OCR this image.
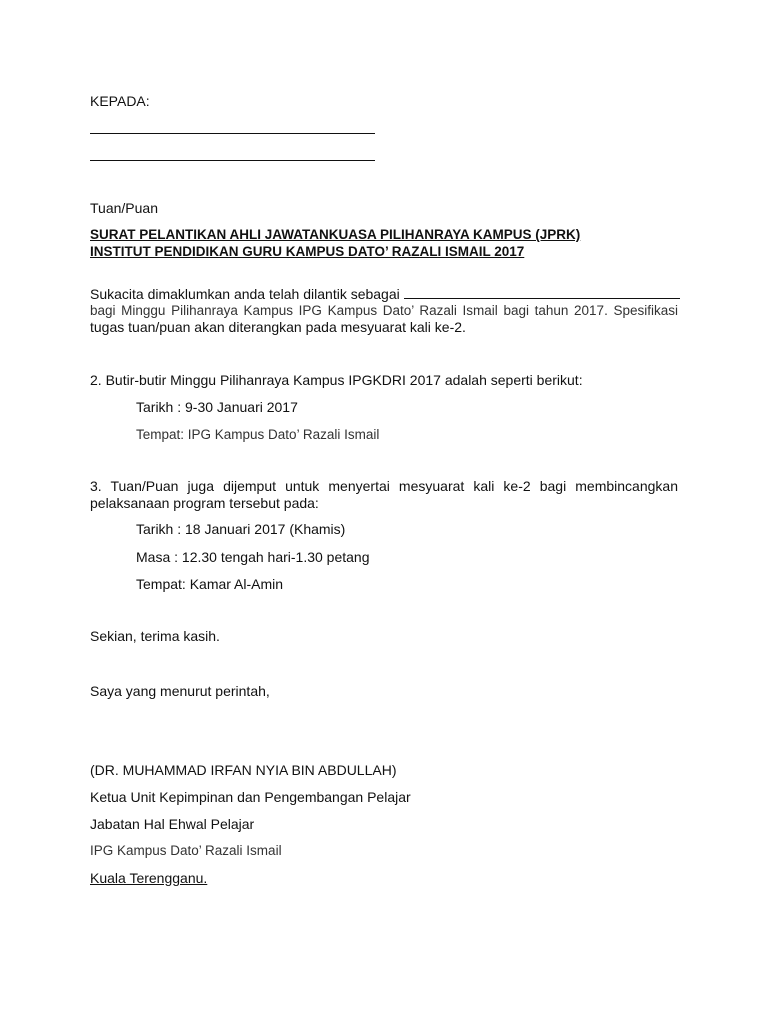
KEPADA:
Tuan/Puan
SURAT PELANTIKAN AHLI JAWATANKUASA PILIHANRAYA KAMPUS (JPRK)
INSTITUT PENDIDIKAN GURU KAMPUS DATO’ RAZALI ISMAIL 2017
Sukacita dimaklumkan anda telah dilantik sebagai
bagi Minggu Pilihanraya Kampus IPG Kampus Dato’ Razali Ismail bagi tahun 2017. Spesifikasi
tugas tuan/puan akan diterangkan pada mesyuarat kali ke-2.
2. Butir-butir Minggu Pilihanraya Kampus IPGKDRI 2017 adalah seperti berikut:
Tarikh : 9-30 Januari 2017
Tempat: IPG Kampus Dato’ Razali Ismail
3. Tuan/Puan juga dijemput untuk menyertai mesyuarat kali ke-2 bagi membincangkan
pelaksanaan program tersebut pada:
Tarikh : 18 Januari 2017 (Khamis)
Masa : 12.30 tengah hari-1.30 petang
Tempat: Kamar Al-Amin
Sekian, terima kasih.
Saya yang menurut perintah,
(DR. MUHAMMAD IRFAN NYIA BIN ABDULLAH)
Ketua Unit Kepimpinan dan Pengembangan Pelajar
Jabatan Hal Ehwal Pelajar
IPG Kampus Dato’ Razali Ismail
Kuala Terengganu.
